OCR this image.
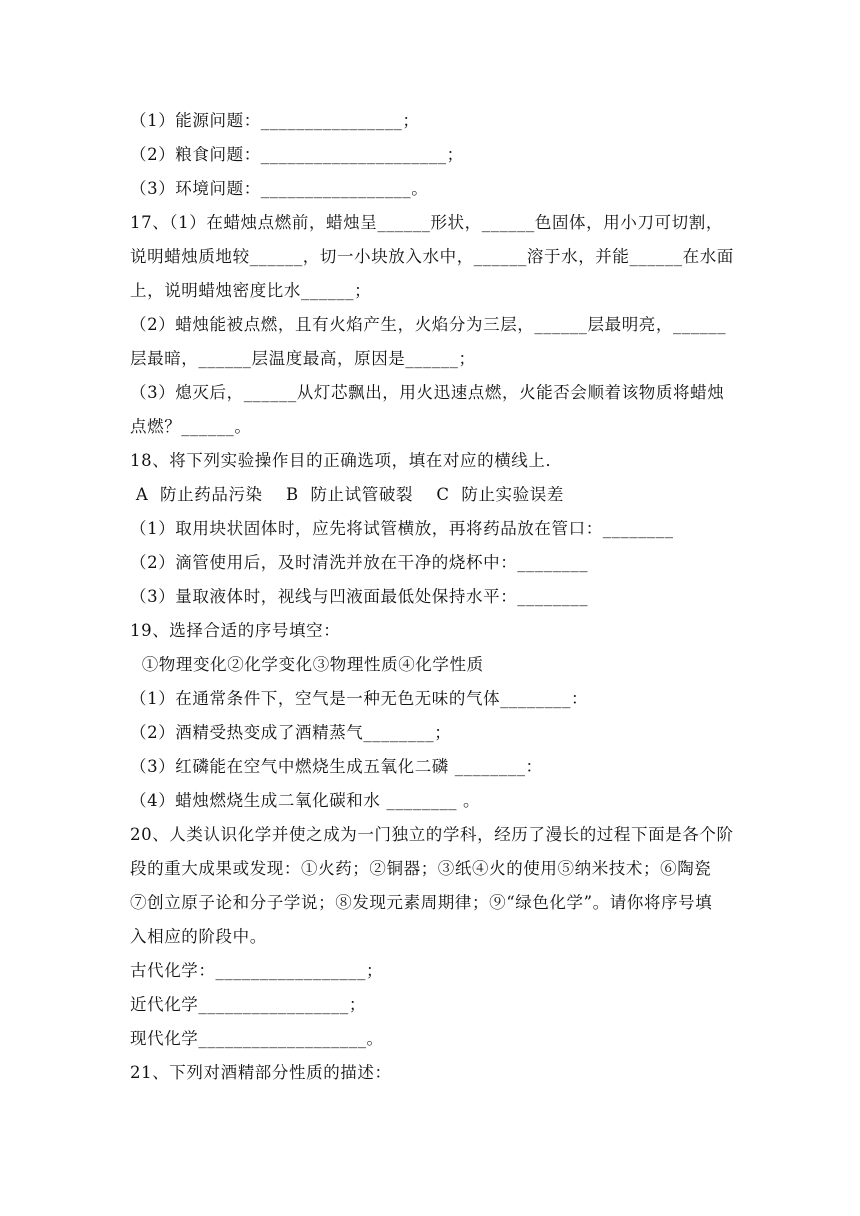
（1）能源问题：________________；
（2）粮食问题：_____________________；
（3）环境问题：_________________。
17、（1）在蜡烛点燃前，蜡烛呈______形状，______色固体，用小刀可切割，
说明蜡烛质地较______，切一小块放入水中，______溶于水，并能______在水面
上，说明蜡烛密度比水______；
（2）蜡烛能被点燃，且有火焰产生，火焰分为三层，______层最明亮，______
层最暗，______层温度最高，原因是______；
（3）熄灭后，______从灯芯飘出，用火迅速点燃，火能否会顺着该物质将蜡烛
点燃？______。
18、将下列实验操作目的正确选项，填在对应的横线上．
A  防止药品污染    B  防止试管破裂    C  防止实验误差
（1）取用块状固体时，应先将试管横放，再将药品放在管口：________
（2）滴管使用后，及时清洗并放在干净的烧杯中：________
（3）量取液体时，视线与凹液面最低处保持水平：________
19、选择合适的序号填空：
①物理变化②化学变化③物理性质④化学性质
（1）在通常条件下，空气是一种无色无味的气体________：
（2）酒精受热变成了酒精蒸气________；
（3）红磷能在空气中燃烧生成五氧化二磷 ________：
（4）蜡烛燃烧生成二氧化碳和水 ________ 。
20、人类认识化学并使之成为一门独立的学科，经历了漫长的过程下面是各个阶
段的重大成果或发现：①火药；②铜器；③纸④火的使用⑤纳米技术；⑥陶瓷
⑦创立原子论和分子学说；⑧发现元素周期律；⑨“绿色化学”。请你将序号填
入相应的阶段中。
古代化学：_________________；
近代化学_________________；
现代化学___________________。
21、下列对酒精部分性质的描述：
